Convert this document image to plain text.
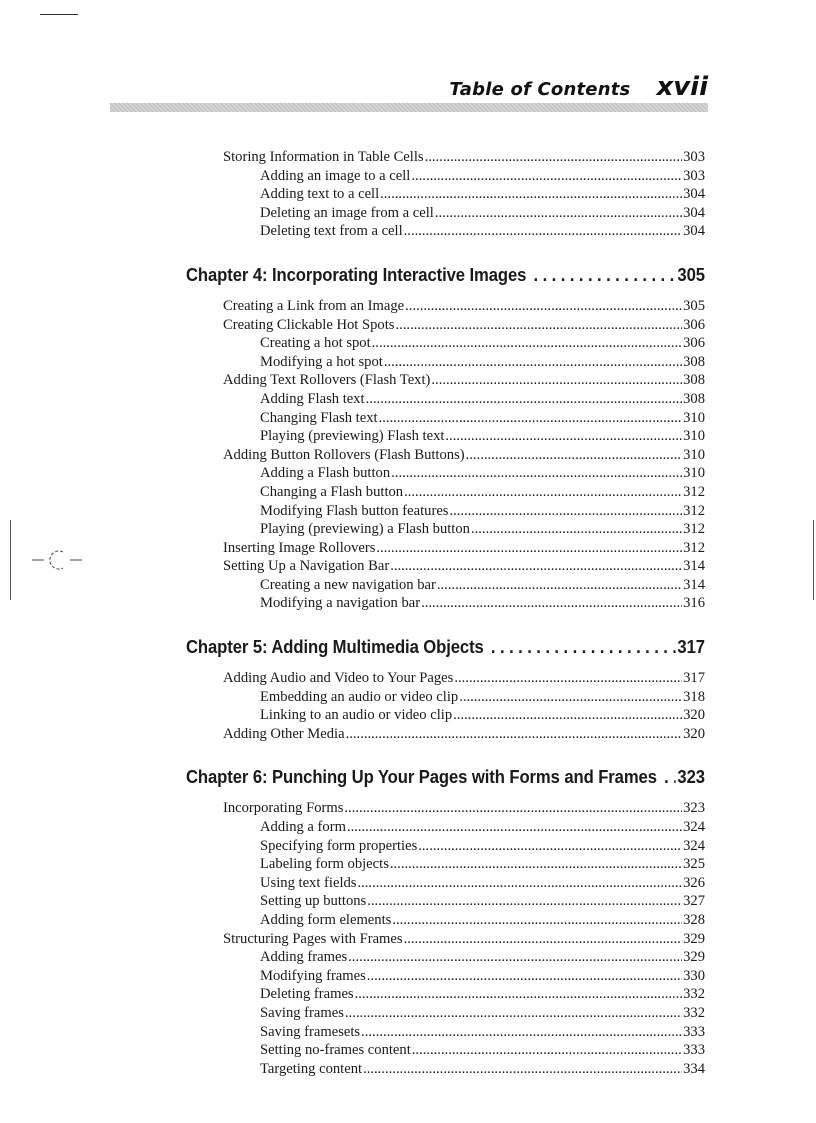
Table of Contents xvii
Storing Information in Table Cells .....	303
Adding an image to a cell .....	303
Adding text to a cell .....	304
Deleting an image from a cell .....	304
Deleting text from a cell .....	304
Chapter 4: Incorporating Interactive Images . . .	305
Creating a Link from an Image .....	305
Creating Clickable Hot Spots .....	306
Creating a hot spot .....	306
Modifying a hot spot .....	308
Adding Text Rollovers (Flash Text) .....	308
Adding Flash text .....	308
Changing Flash text .....	310
Playing (previewing) Flash text .....	310
Adding Button Rollovers (Flash Buttons) .....	310
Adding a Flash button .....	310
Changing a Flash button .....	312
Modifying Flash button features .....	312
Playing (previewing) a Flash button .....	312
Inserting Image Rollovers .....	312
Setting Up a Navigation Bar .....	314
Creating a new navigation bar .....	314
Modifying a navigation bar .....	316
Chapter 5: Adding Multimedia Objects . . .	317
Adding Audio and Video to Your Pages .....	317
Embedding an audio or video clip .....	318
Linking to an audio or video clip .....	320
Adding Other Media .....	320
Chapter 6: Punching Up Your Pages with Forms and Frames . . . 323
Incorporating Forms .....	323
Adding a form .....	324
Specifying form properties .....	324
Labeling form objects .....	325
Using text fields .....	326
Setting up buttons .....	327
Adding form elements .....	328
Structuring Pages with Frames .....	329
Adding frames .....	329
Modifying frames .....	330
Deleting frames .....	332
Saving frames .....	332
Saving framesets .....	333
Setting no-frames content .....	333
Targeting content .....	334
